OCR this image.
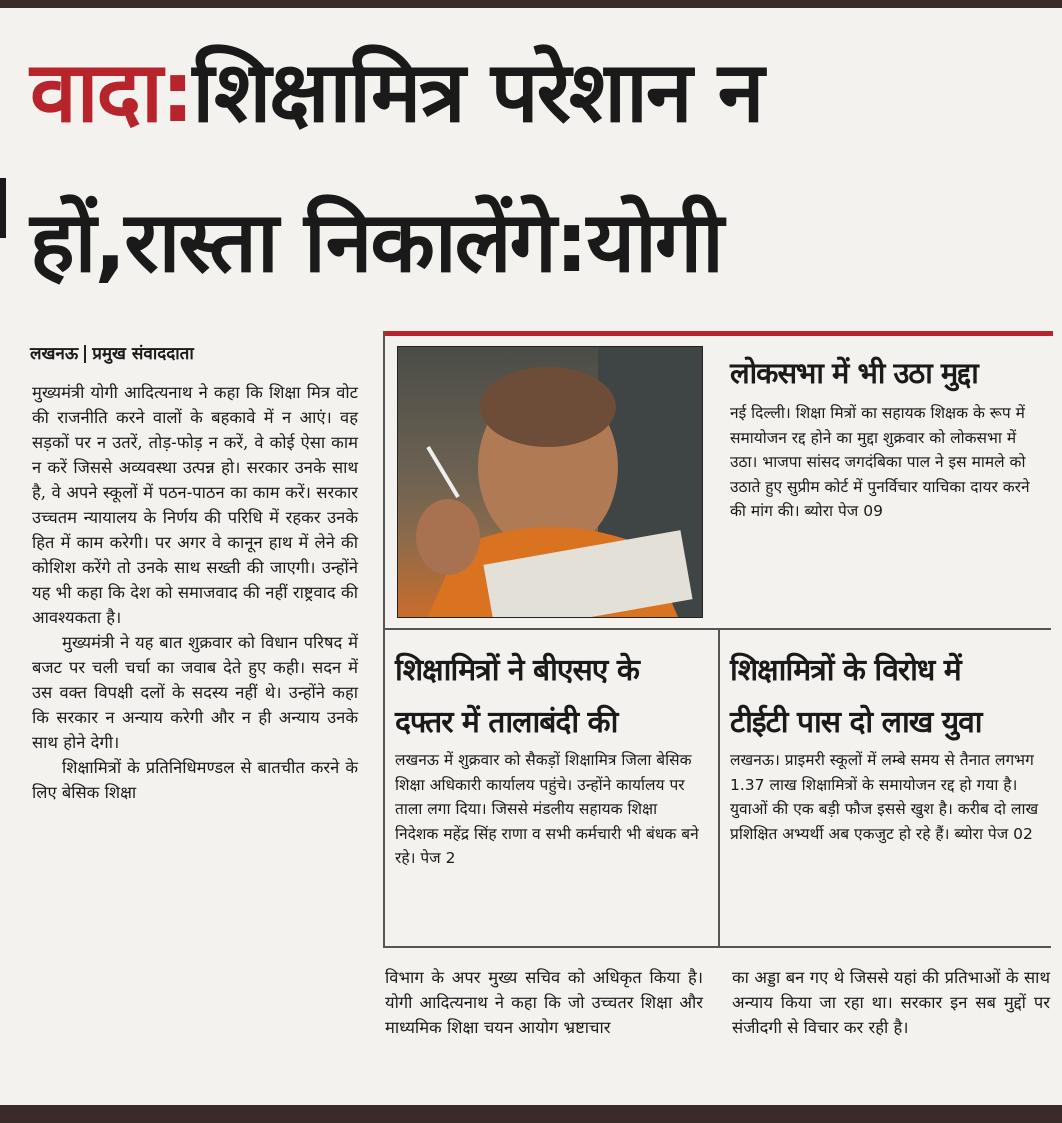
वादा:शिक्षामित्र परेशान न
हों,रास्ता निकालेंगे:योगी
लखनऊ प्रमुख संवाददाता

मुख्यमंत्री योगी आदित्यनाथ ने कहा कि शिक्षा मित्र वोट की राजनीति करने वालों के बहकावे में न आएं। वह सड़कों पर न उतरें, तोड़-फोड़ न करें, वे कोई ऐसा काम न करें जिससे अव्यवस्था उत्पन्न हो। सरकार उनके साथ है, वे अपने स्कूलों में पठन-पाठन का काम करें। सरकार उच्चतम न्यायालय के निर्णय की परिधि में रहकर उनके हित में काम करेगी। पर अगर वे कानून हाथ में लेने की कोशिश करेंगे तो उनके साथ सख्ती की जाएगी। उन्होंने यह भी कहा कि देश को समाजवाद की नहीं राष्ट्रवाद की आवश्यकता है।

मुख्यमंत्री ने यह बात शुक्रवार को विधान परिषद में बजट पर चली चर्चा का जवाब देते हुए कही। सदन में उस वक्त विपक्षी दलों के सदस्य नहीं थे। उन्होंने कहा कि सरकार न अन्याय करेगी और न ही अन्याय उनके साथ होने देगी।

शिक्षामित्रों के प्रतिनिधिमण्डल से बातचीत करने के लिए बेसिक शिक्षा

लोकसभा में भी उठा मुद्दा
नई दिल्ली। शिक्षा मित्रों का सहायक शिक्षक के रूप में समायोजन रद्द होने का मुद्दा शुक्रवार को लोकसभा में उठा। भाजपा सांसद जगदंबिका पाल ने इस मामले को उठाते हुए सुप्रीम कोर्ट में पुनर्विचार याचिका दायर करने की मांग की। ब्योरा पेज 09
शिक्षामित्रों ने बीएसए के
दफ्तर में तालाबंदी की
लखनऊ में शुक्रवार को सैकड़ों शिक्षामित्र जिला बेसिक शिक्षा अधिकारी कार्यालय पहुंचे। उन्होंने कार्यालय पर ताला लगा दिया। जिससे मंडलीय सहायक शिक्षा निदेशक महेंद्र सिंह राणा व सभी कर्मचारी भी बंधक बने रहे। पेज 2
शिक्षामित्रों के विरोध में
टीईटी पास दो लाख युवा
लखनऊ। प्राइमरी स्कूलों में लम्बे समय से तैनात लगभग 1.37 लाख शिक्षामित्रों के समायोजन रद्द हो गया है। युवाओं की एक बड़ी फौज इससे खुश है। करीब दो लाख प्रशिक्षित अभ्यर्थी अब एकजुट हो रहे हैं। ब्योरा पेज 02
विभाग के अपर मुख्य सचिव को अधिकृत किया है। योगी आदित्यनाथ ने कहा कि जो उच्चतर शिक्षा और माध्यमिक शिक्षा चयन आयोग भ्रष्टाचार
का अड्डा बन गए थे जिससे यहां की प्रतिभाओं के साथ अन्याय किया जा रहा था। सरकार इन सब मुद्दों पर संजीदगी से विचार कर रही है।
